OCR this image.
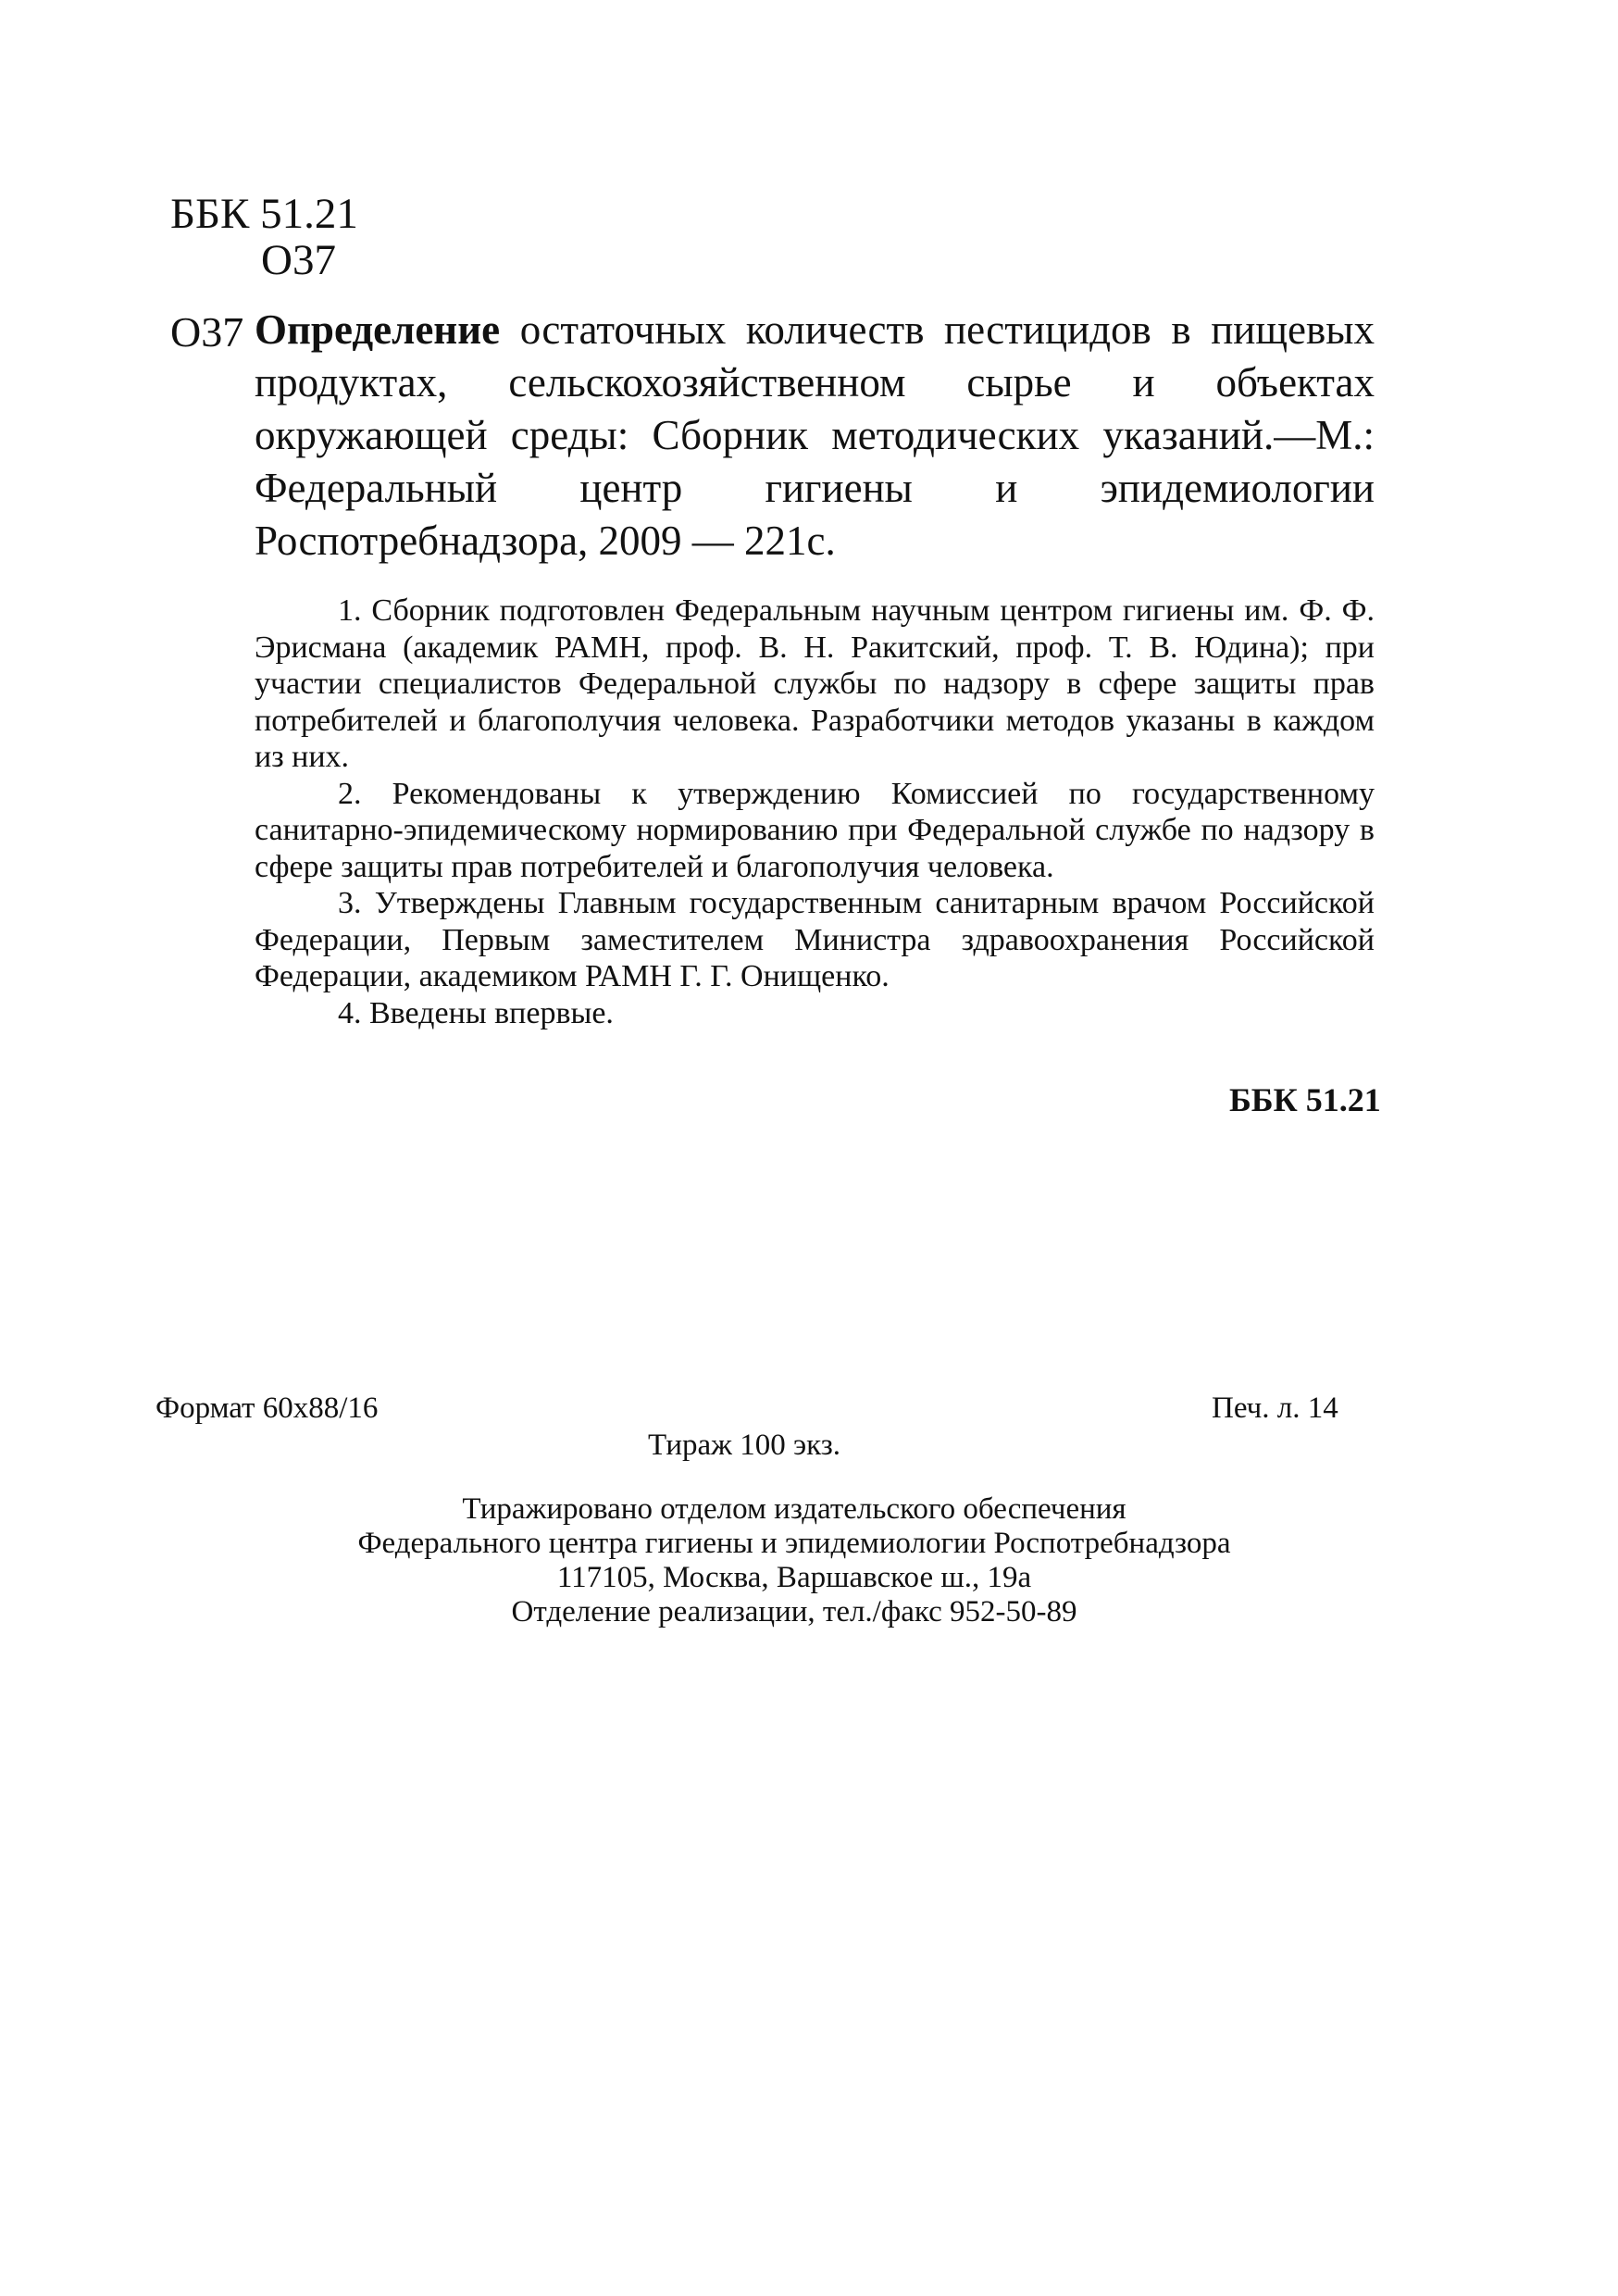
ББК 51.21
О37
О37 Определение остаточных количеств пестицидов в пищевых продуктах, сельскохозяйственном сырье и объектах окружающей среды: Сборник методических указаний.—М.: Федеральный центр гигиены и эпидемиологии Роспотребнадзора, 2009 — 221с.

1. Сборник подготовлен Федеральным научным центром гигиены им. Ф. Ф. Эрисмана (академик РАМН, проф. В. Н. Ракитский, проф. Т. В. Юдина); при участии специалистов Федеральной службы по надзору в сфере защиты прав потребителей и благополучия человека. Разработчики методов указаны в каждом из них.

2. Рекомендованы к утверждению Комиссией по государственному санитарно-эпидемическому нормированию при Федеральной службе по надзору в сфере защиты прав потребителей и благополучия человека.

3. Утверждены Главным государственным санитарным врачом Российской Федерации, Первым заместителем Министра здравоохранения Российской Федерации, академиком РАМН Г. Г. Онищенко.

4. Введены впервые.

ББК 51.21
Формат 60х88/16	Печ. л. 14
Тираж 100 экз.
Тиражировано отделом издательского обеспечения
Федерального центра гигиены и эпидемиологии Роспотребнадзора
117105, Москва, Варшавское ш., 19а
Отделение реализации, тел./факс 952-50-89
